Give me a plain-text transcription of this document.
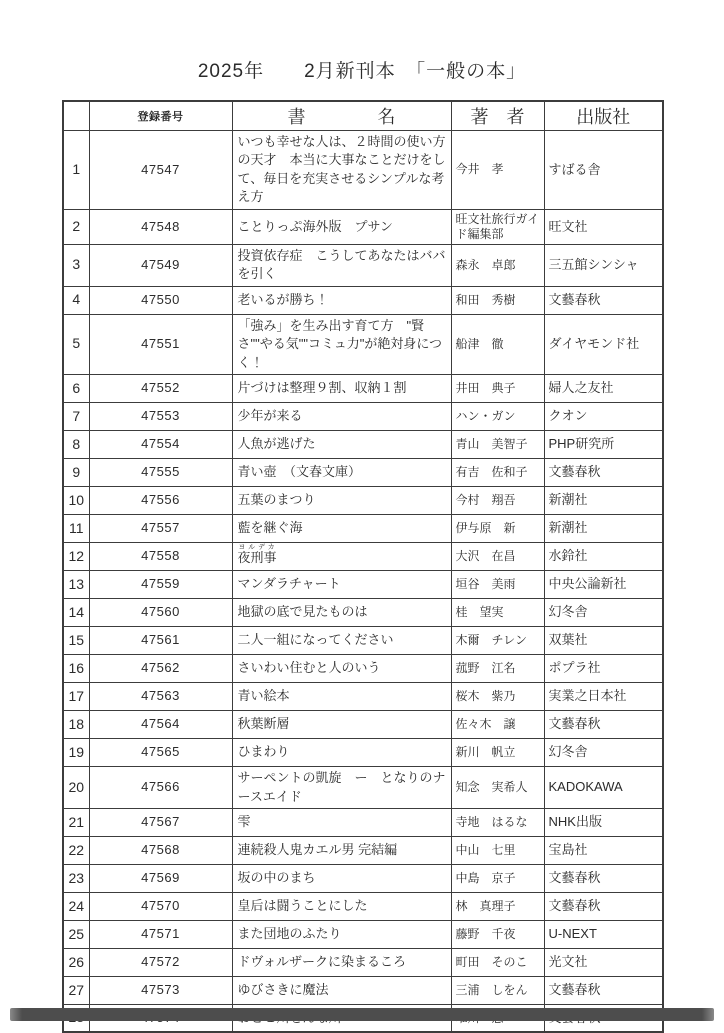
2025年　　2月新刊本　「一般の本」
	登録番号	書　　　　名	著　者	出版社
1	47547	いつも幸せな人は、２時間の使い方の天才　本当に大事なことだけをして、毎日を充実させるシンプルな考え方	今井　孝	すばる舎
2	47548	ことりっぷ海外版　プサン	旺文社旅行ガイド編集部	旺文社
3	47549	投資依存症　こうしてあなたはババを引く	森永　卓郎	三五館シンシャ
4	47550	老いるが勝ち！	和田　秀樹	文藝春秋
5	47551	「強み」を生み出す育て方　"賢さ""やる気""コミュ力"が絶対身につく！	船津　徹	ダイヤモンド社
6	47552	片づけは整理９割、収納１割	井田　典子	婦人之友社
7	47553	少年が来る	ハン・ガン	クオン
8	47554	人魚が逃げた	青山　美智子	PHP研究所
9	47555	青い壺　（文春文庫）	有吉　佐和子	文藝春秋
10	47556	五葉のまつり	今村　翔吾	新潮社
11	47557	藍を継ぐ海	伊与原　新	新潮社
12	47558	夜刑事ヨルデカ	大沢　在昌	水鈴社
13	47559	マンダラチャート	垣谷　美雨	中央公論新社
14	47560	地獄の底で見たものは	桂　望実	幻冬舎
15	47561	二人一組になってください	木爾　チレン	双葉社
16	47562	さいわい住むと人のいう	菰野　江名	ポプラ社
17	47563	青い絵本	桜木　紫乃	実業之日本社
18	47564	秋葉断層	佐々木　譲	文藝春秋
19	47565	ひまわり	新川　帆立	幻冬舎
20	47566	サーペントの凱旋　ー　となりのナースエイド	知念　実希人	KADOKAWA
21	47567	雫	寺地　はるな	NHK出版
22	47568	連続殺人鬼カエル男 完結編	中山　七里	宝島社
23	47569	坂の中のまち	中島　京子	文藝春秋
24	47570	皇后は闘うことにした	林　真理子	文藝春秋
25	47571	また団地のふたり	藤野　千夜	U-NEXT
26	47572	ドヴォルザークに染まるころ	町田　そのこ	光文社
27	47573	ゆびさきに魔法	三浦　しをん	文藝春秋
